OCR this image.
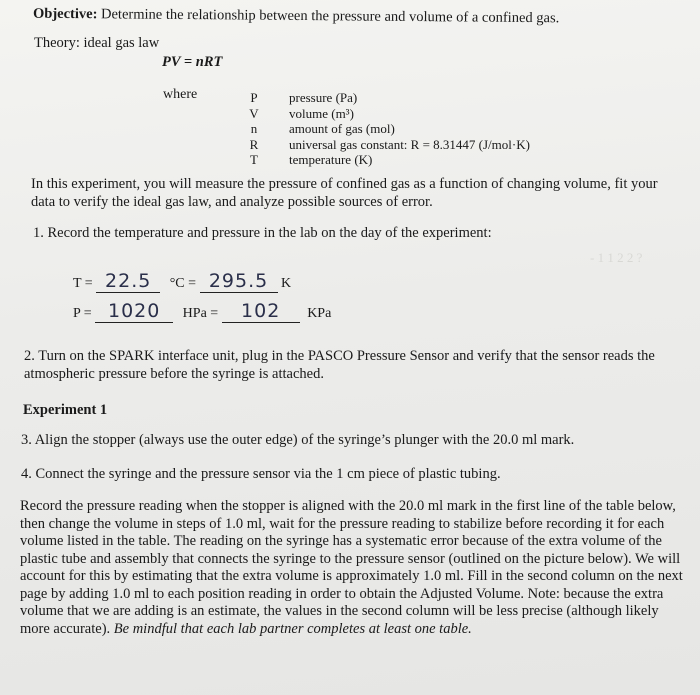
Objective: Determine the relationship between the pressure and volume of a confined gas.
Theory: ideal gas law
PV = nRT
where	P
V
n
R
T
pressure (Pa)
volume (m³)
amount of gas (mol)
universal gas constant: R = 8.31447 (J/mol·K)
temperature (K)
In this experiment, you will measure the pressure of confined gas as a function of changing volume, fit your data to verify the ideal gas law, and analyze possible sources of error.
1. Record the temperature and pressure in the lab on the day of the experiment:
- 1 1 2 2 ?
T = 22.5 °C = 295.5 K
P = 1020 HPa = 102 KPa
2. Turn on the SPARK interface unit, plug in the PASCO Pressure Sensor and verify that the sensor reads the atmospheric pressure before the syringe is attached.
Experiment 1
3. Align the stopper (always use the outer edge) of the syringe’s plunger with the 20.0 ml mark.
4. Connect the syringe and the pressure sensor via the 1 cm piece of plastic tubing.
Record the pressure reading when the stopper is aligned with the 20.0 ml mark in the first line of the table below, then change the volume in steps of 1.0 ml, wait for the pressure reading to stabilize before recording it for each volume listed in the table. The reading on the syringe has a systematic error because of the extra volume of the plastic tube and assembly that connects the syringe to the pressure sensor (outlined on the picture below). We will account for this by estimating that the extra volume is approximately 1.0 ml. Fill in the second column on the next page by adding 1.0 ml to each position reading in order to obtain the Adjusted Volume. Note: because the extra volume that we are adding is an estimate, the values in the second column will be less precise (although likely more accurate). Be mindful that each lab partner completes at least one table.
